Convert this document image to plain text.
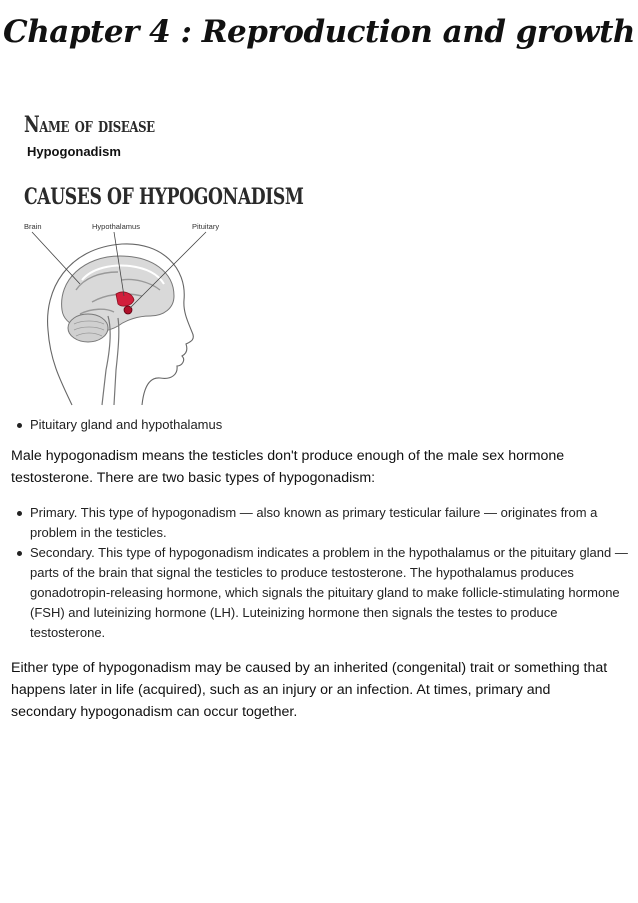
Chapter 4 : Reproduction and growth
Name of disease
Hypogonadism
CAUSES OF HYPOGONADISM
Brain	Hypothalamus	Pituitary
Pituitary gland and hypothalamus
Male hypogonadism means the testicles don't produce enough of the male sex hormone testosterone. There are two basic types of hypogonadism:
Primary. This type of hypogonadism — also known as primary testicular failure — originates from a problem in the testicles.
Secondary. This type of hypogonadism indicates a problem in the hypothalamus or the pituitary gland — parts of the brain that signal the testicles to produce testosterone. The hypothalamus produces gonadotropin-releasing hormone, which signals the pituitary gland to make follicle-stimulating hormone (FSH) and luteinizing hormone (LH). Luteinizing hormone then signals the testes to produce testosterone.
Either type of hypogonadism may be caused by an inherited (congenital) trait or something that happens later in life (acquired), such as an injury or an infection. At times, primary and secondary hypogonadism can occur together.
